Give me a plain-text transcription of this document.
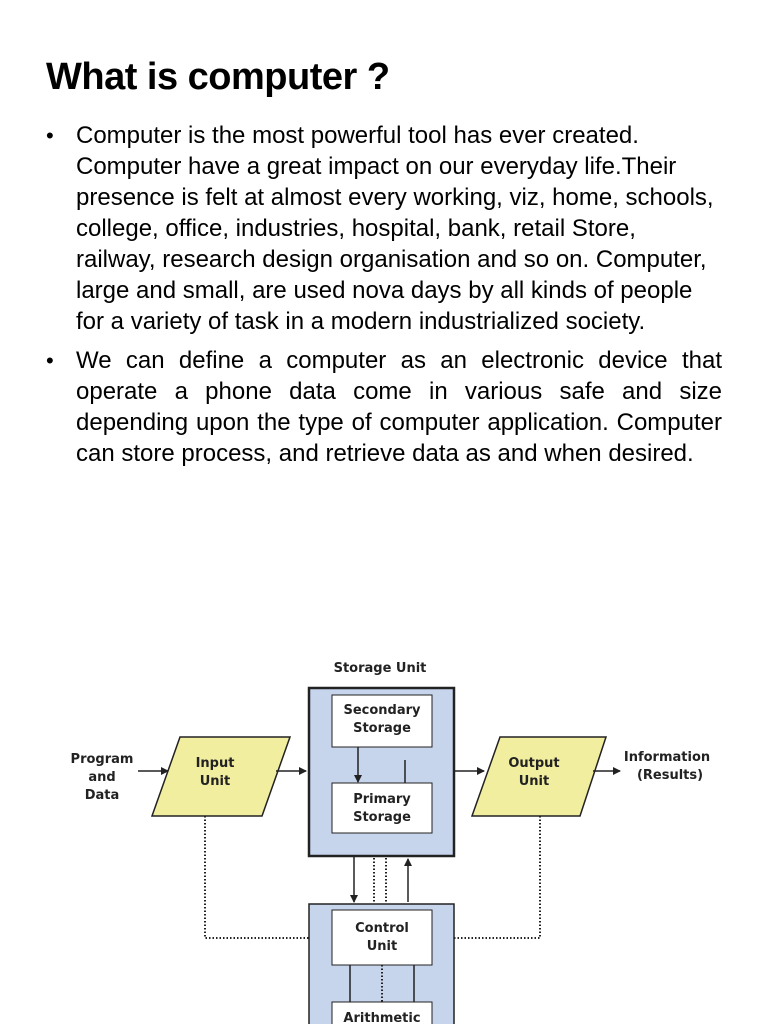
What is computer ?
• Computer is the most powerful tool has ever created. Computer have a great impact on our everyday life.Their presence is felt at almost every working, viz, home, schools, college, office, industries, hospital, bank, retail Store, railway, research design organisation and so on. Computer, large and small, are used nova days by all kinds of people for a variety of task in a modern industrialized society.
• We can define a computer as an electronic device that operate a phone data come in various safe and size depending upon the type of computer application. Computer can store process, and retrieve data as and when desired.
Storage Unit
Secondary
Storage
Primary
Storage
Program
and
Data
Input
Unit
Output
Unit
Information
(Results)
Control
Unit
Arithmetic
